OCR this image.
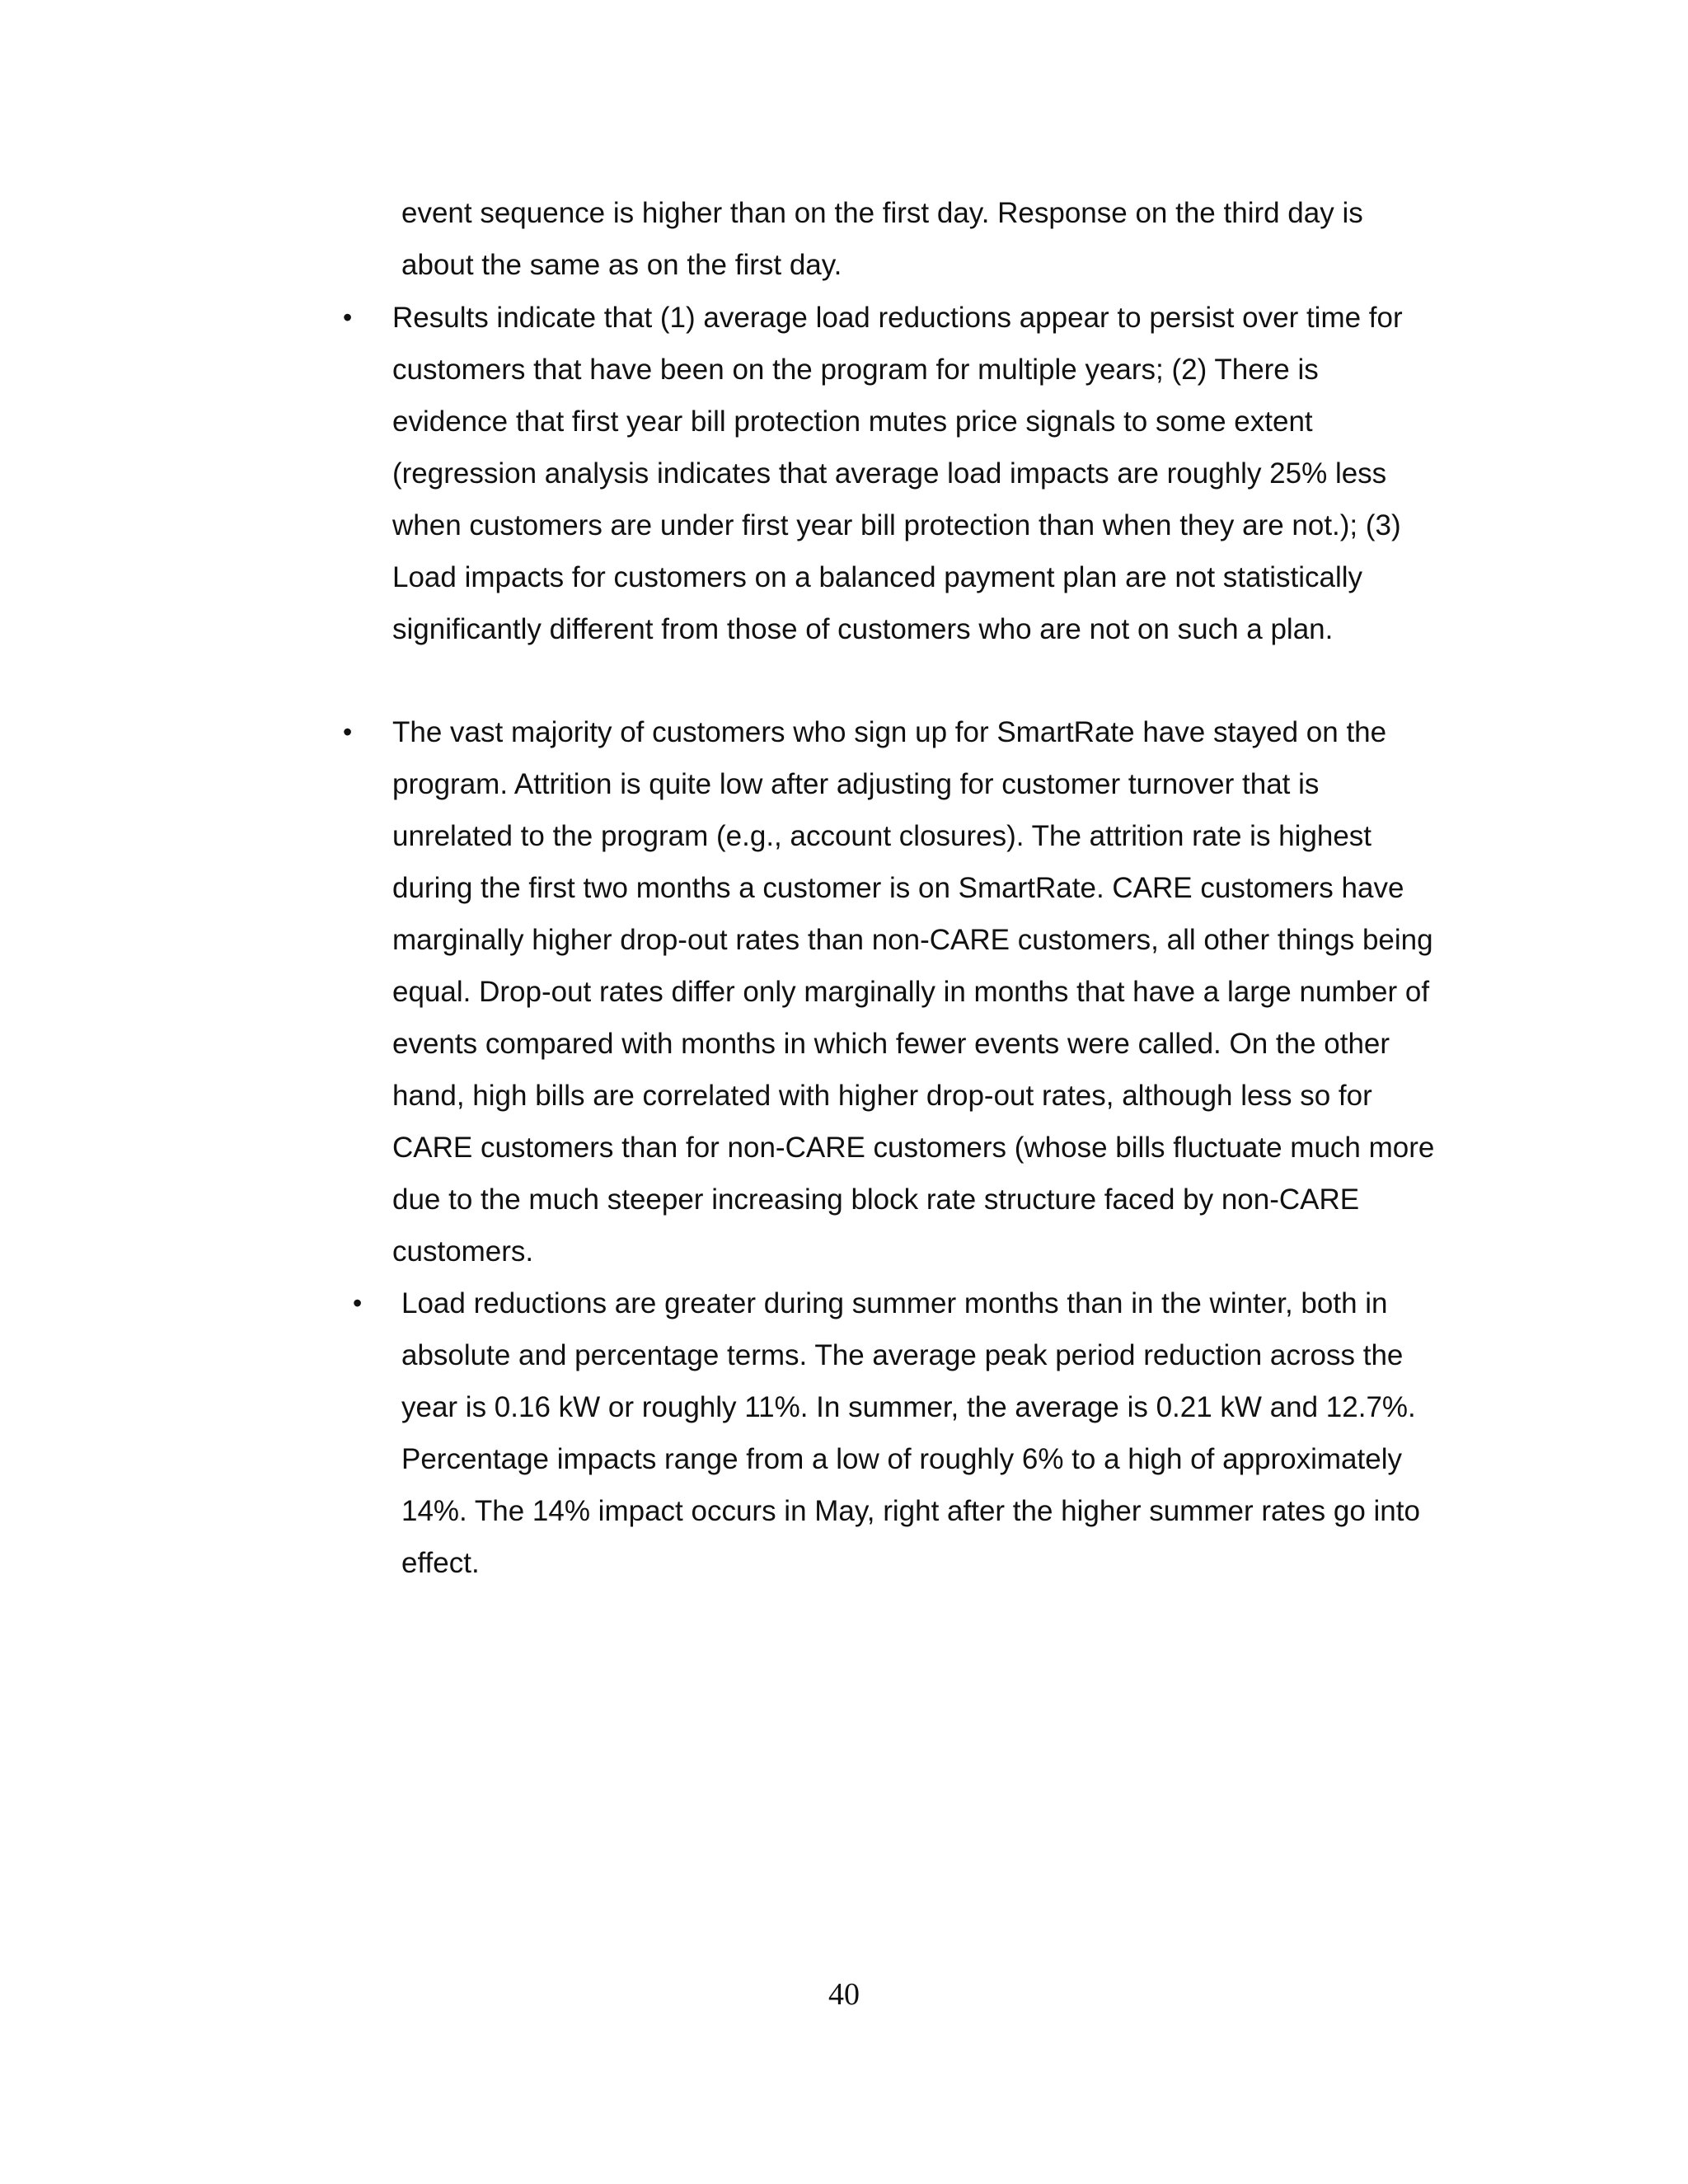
event sequence is higher than on the first day. Response on the third day is about the same as on the first day.
• Results indicate that (1) average load reductions appear to persist over time for customers that have been on the program for multiple years; (2) There is evidence that first year bill protection mutes price signals to some extent (regression analysis indicates that average load impacts are roughly 25% less when customers are under first year bill protection than when they are not.); (3) Load impacts for customers on a balanced payment plan are not statistically significantly different from those of customers who are not on such a plan.
• The vast majority of customers who sign up for SmartRate have stayed on the program. Attrition is quite low after adjusting for customer turnover that is unrelated to the program (e.g., account closures). The attrition rate is highest during the first two months a customer is on SmartRate. CARE customers have marginally higher drop-out rates than non-CARE customers, all other things being equal. Drop-out rates differ only marginally in months that have a large number of events compared with months in which fewer events were called. On the other hand, high bills are correlated with higher drop-out rates, although less so for CARE customers than for non-CARE customers (whose bills fluctuate much more due to the much steeper increasing block rate structure faced by non-CARE customers.
• Load reductions are greater during summer months than in the winter, both in absolute and percentage terms. The average peak period reduction across the year is 0.16 kW or roughly 11%. In summer, the average is 0.21 kW and 12.7%. Percentage impacts range from a low of roughly 6% to a high of approximately 14%. The 14% impact occurs in May, right after the higher summer rates go into effect.
40
